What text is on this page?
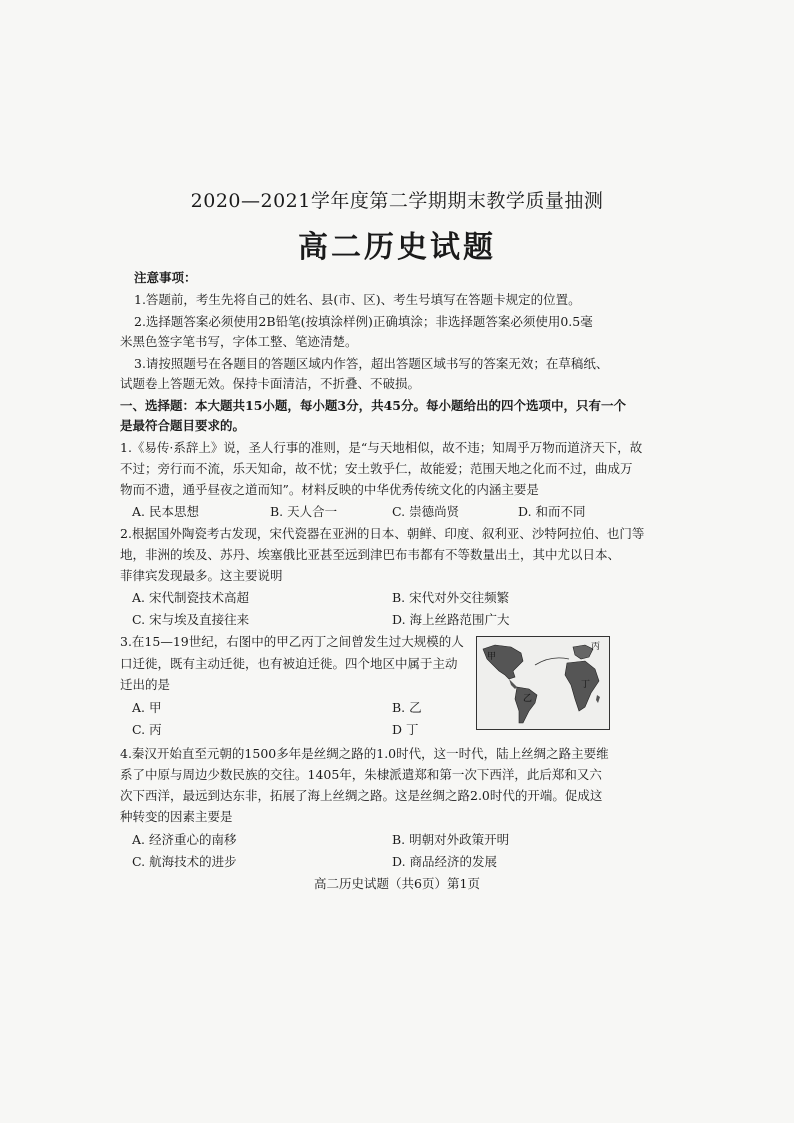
2020—2021学年度第二学期期末教学质量抽测
高二历史试题
注意事项：
1.答题前，考生先将自己的姓名、县(市、区)、考生号填写在答题卡规定的位置。
2.选择题答案必须使用2B铅笔(按填涂样例)正确填涂；非选择题答案必须使用0.5毫
米黑色签字笔书写，字体工整、笔迹清楚。
3.请按照题号在各题目的答题区域内作答，超出答题区域书写的答案无效；在草稿纸、
试题卷上答题无效。保持卡面清洁，不折叠、不破损。
一、选择题：本大题共15小题，每小题3分，共45分。每小题给出的四个选项中，只有一个
是最符合题目要求的。
1.《易传·系辞上》说，圣人行事的准则，是“与天地相似，故不违；知周乎万物而道济天下，故
不过；旁行而不流，乐天知命，故不忧；安土敦乎仁，故能爱；范围天地之化而不过，曲成万
物而不遗，通乎昼夜之道而知”。材料反映的中华优秀传统文化的内涵主要是
A. 民本思想	B. 天人合一	C. 崇德尚贤	D. 和而不同
2.根据国外陶瓷考古发现，宋代瓷器在亚洲的日本、朝鲜、印度、叙利亚、沙特阿拉伯、也门等
地，非洲的埃及、苏丹、埃塞俄比亚甚至远到津巴布韦都有不等数量出土，其中尤以日本、
菲律宾发现最多。这主要说明
A. 宋代制瓷技术高超	B. 宋代对外交往频繁
C. 宋与埃及直接往来	D. 海上丝路范围广大
3.在15—19世纪，右图中的甲乙丙丁之间曾发生过大规模的人
口迁徙，既有主动迁徙，也有被迫迁徙。四个地区中属于主动
迁出的是
A. 甲	B. 乙
C. 丙	D 丁
4.秦汉开始直至元朝的1500多年是丝绸之路的1.0时代，这一时代，陆上丝绸之路主要维
系了中原与周边少数民族的交往。1405年，朱棣派遣郑和第一次下西洋，此后郑和又六
次下西洋，最远到达东非，拓展了海上丝绸之路。这是丝绸之路2.0时代的开端。促成这
种转变的因素主要是
A. 经济重心的南移	B. 明朝对外政策开明
C. 航海技术的进步	D. 商品经济的发展
甲
乙
丙
丁
高二历史试题（共6页）第1页
